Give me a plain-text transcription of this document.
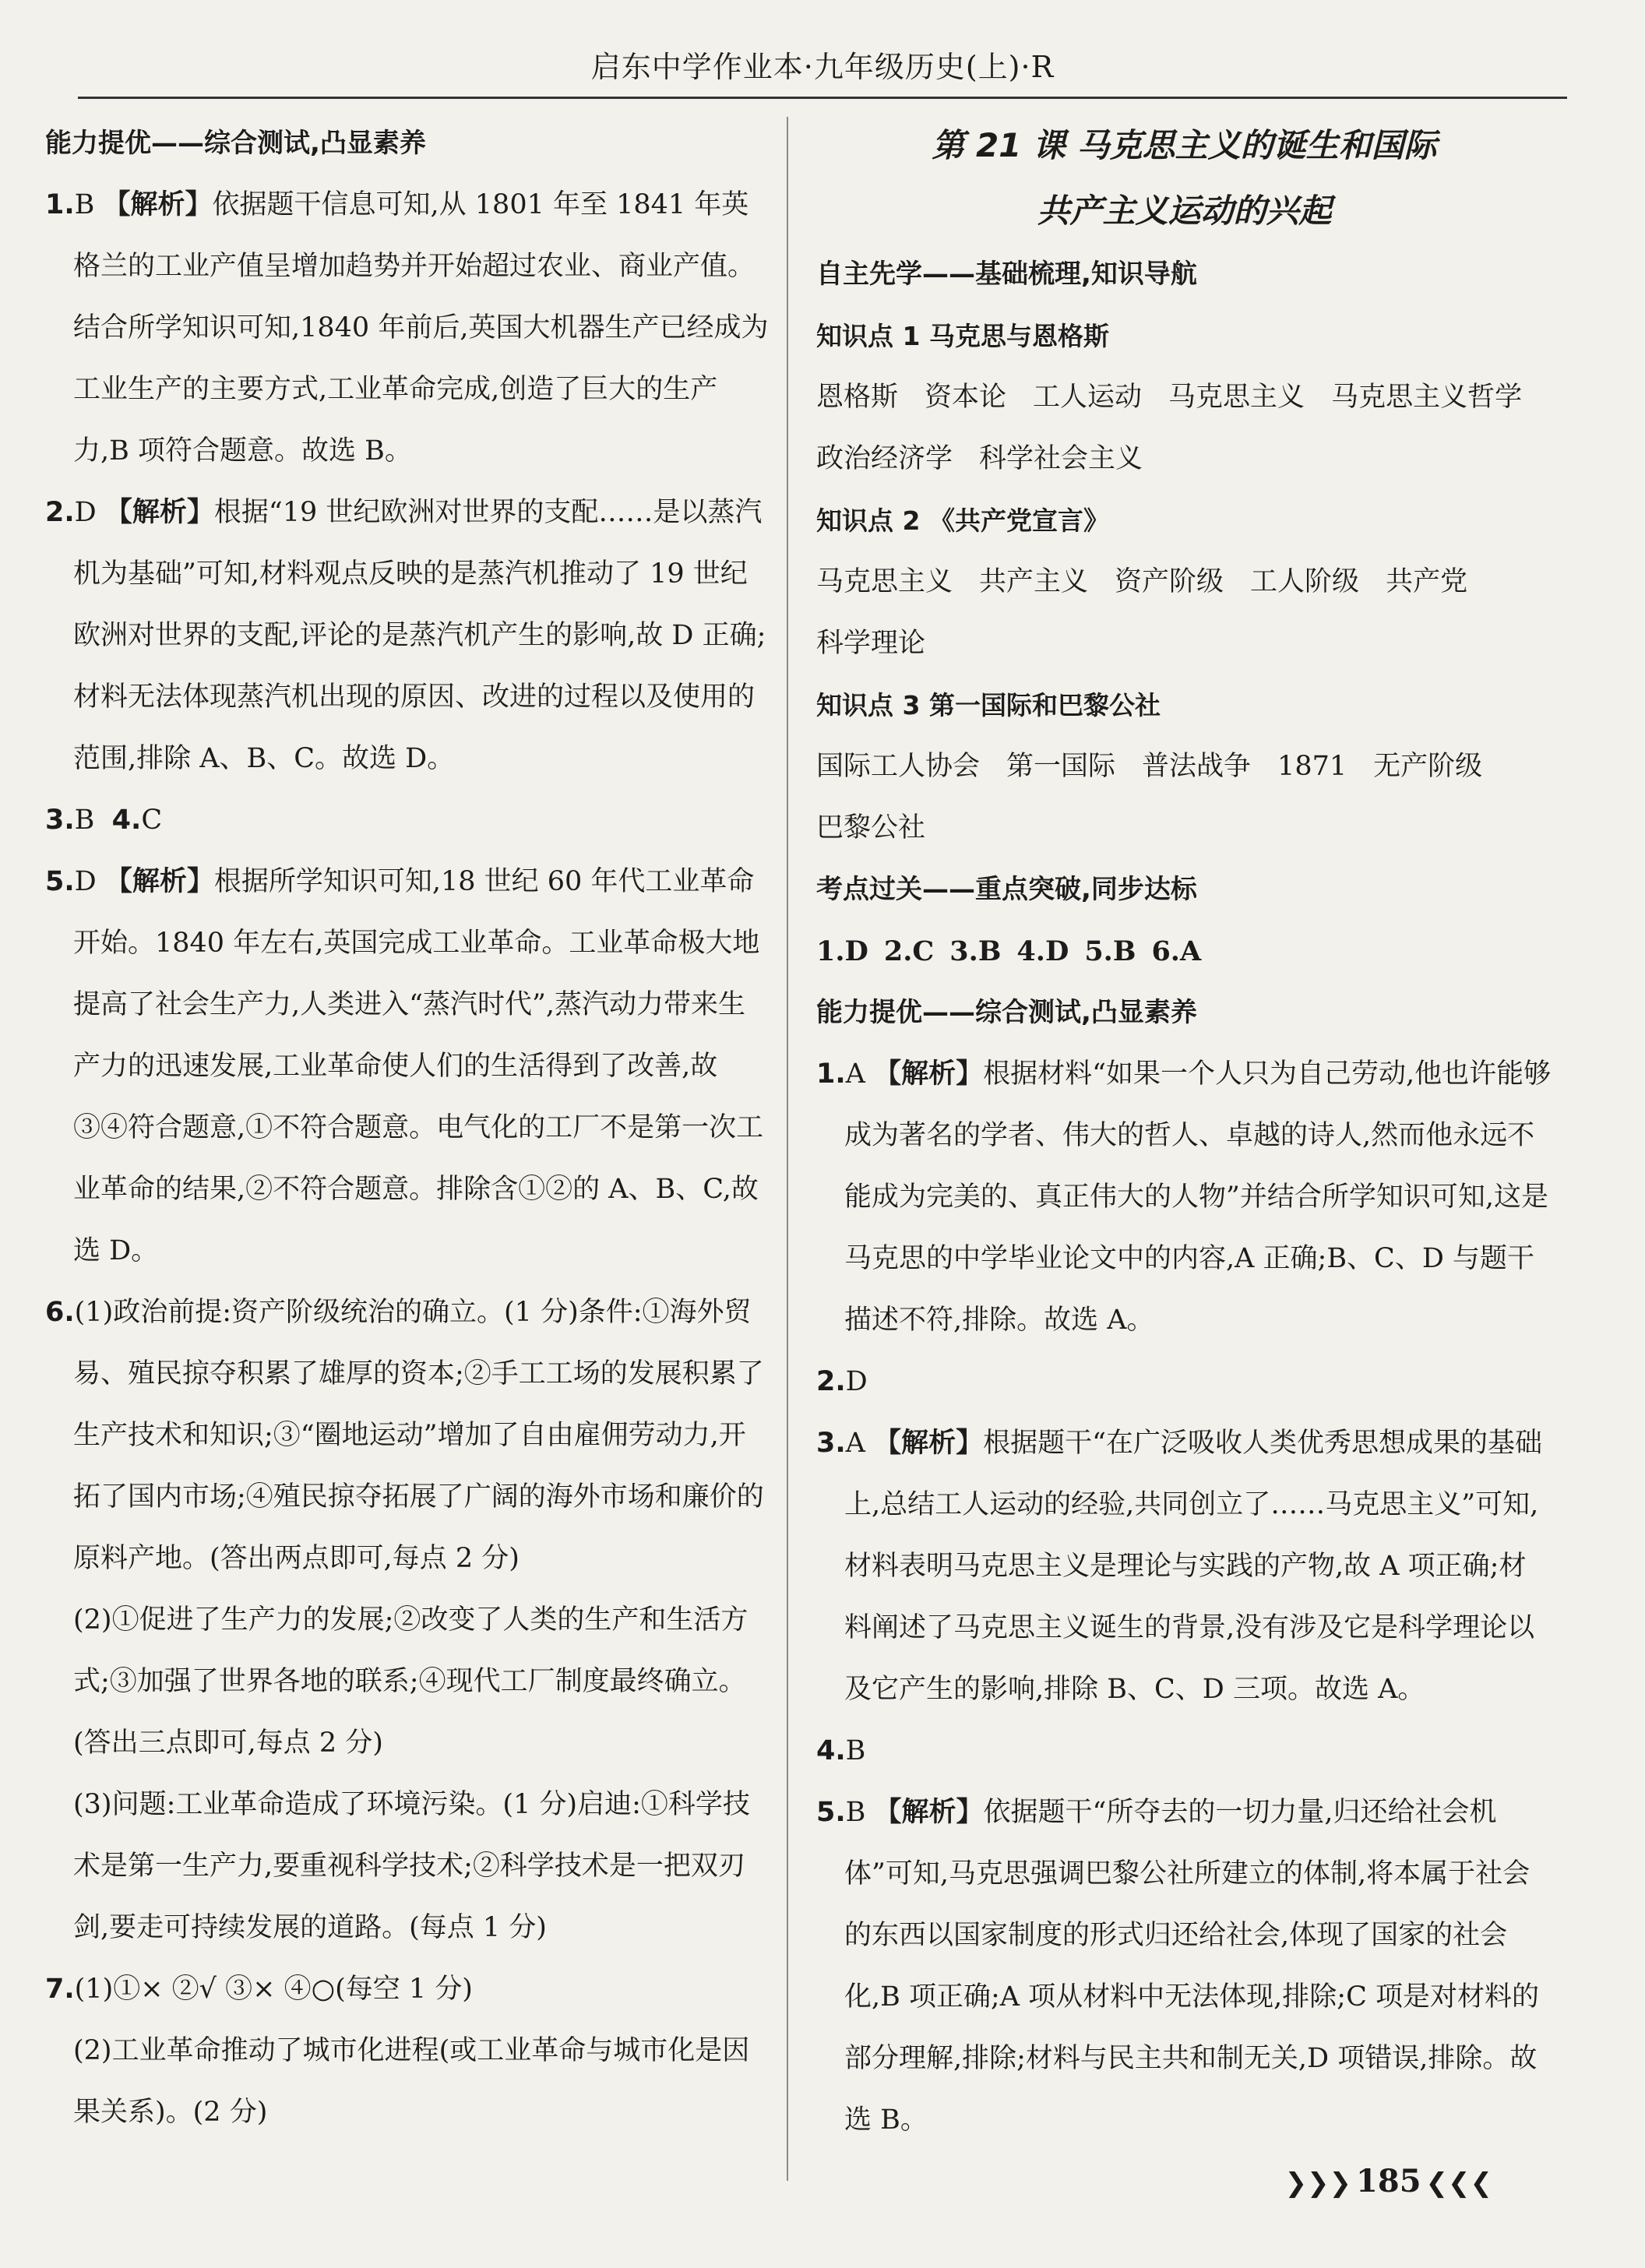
启东中学作业本·九年级历史(上)·R
能力提优——综合测试,凸显素养

1.B 【解析】依据题干信息可知,从 1801 年至 1841 年英格兰的工业产值呈增加趋势并开始超过农业、商业产值。结合所学知识可知,1840 年前后,英国大机器生产已经成为工业生产的主要方式,工业革命完成,创造了巨大的生产力,B 项符合题意。故选 B。

2.D 【解析】根据“19 世纪欧洲对世界的支配……是以蒸汽机为基础”可知,材料观点反映的是蒸汽机推动了 19 世纪欧洲对世界的支配,评论的是蒸汽机产生的影响,故 D 正确;材料无法体现蒸汽机出现的原因、改进的过程以及使用的范围,排除 A、B、C。故选 D。

3.B  4.C

5.D 【解析】根据所学知识可知,18 世纪 60 年代工业革命开始。1840 年左右,英国完成工业革命。工业革命极大地提高了社会生产力,人类进入“蒸汽时代”,蒸汽动力带来生产力的迅速发展,工业革命使人们的生活得到了改善,故③④符合题意,①不符合题意。电气化的工厂不是第一次工业革命的结果,②不符合题意。排除含①②的 A、B、C,故选 D。

6.(1)政治前提:资产阶级统治的确立。(1 分)条件:①海外贸易、殖民掠夺积累了雄厚的资本;②手工工场的发展积累了生产技术和知识;③“圈地运动”增加了自由雇佣劳动力,开拓了国内市场;④殖民掠夺拓展了广阔的海外市场和廉价的原料产地。(答出两点即可,每点 2 分)

(2)①促进了生产力的发展;②改变了人类的生产和生活方式;③加强了世界各地的联系;④现代工厂制度最终确立。(答出三点即可,每点 2 分)

(3)问题:工业革命造成了环境污染。(1 分)启迪:①科学技术是第一生产力,要重视科学技术;②科学技术是一把双刃剑,要走可持续发展的道路。(每点 1 分)

7.(1)①× ②√ ③× ④○(每空 1 分)

(2)工业革命推动了城市化进程(或工业革命与城市化是因果关系)。(2 分)

第 21 课 马克思主义的诞生和国际
共产主义运动的兴起
自主先学——基础梳理,知识导航
知识点 1 马克思与恩格斯

恩格斯 资本论 工人运动 马克思主义 马克思主义哲学
政治经济学 科学社会主义

知识点 2 《共产党宣言》

马克思主义 共产主义 资产阶级 工人阶级 共产党
科学理论

知识点 3 第一国际和巴黎公社

国际工人协会 第一国际 普法战争 1871 无产阶级
巴黎公社

考点过关——重点突破,同步达标

1.D 2.C 3.B 4.D 5.B 6.A

能力提优——综合测试,凸显素养

1.A 【解析】根据材料“如果一个人只为自己劳动,他也许能够成为著名的学者、伟大的哲人、卓越的诗人,然而他永远不能成为完美的、真正伟大的人物”并结合所学知识可知,这是马克思的中学毕业论文中的内容,A 正确;B、C、D 与题干描述不符,排除。故选 A。

2.D

3.A 【解析】根据题干“在广泛吸收人类优秀思想成果的基础上,总结工人运动的经验,共同创立了……马克思主义”可知,材料表明马克思主义是理论与实践的产物,故 A 项正确;材料阐述了马克思主义诞生的背景,没有涉及它是科学理论以及它产生的影响,排除 B、C、D 三项。故选 A。

4.B

5.B 【解析】依据题干“所夺去的一切力量,归还给社会机体”可知,马克思强调巴黎公社所建立的体制,将本属于社会的东西以国家制度的形式归还给社会,体现了国家的社会化,B 项正确;A 项从材料中无法体现,排除;C 项是对材料的部分理解,排除;材料与民主共和制无关,D 项错误,排除。故选 B。

❯❯❯ 185 ❮❮❮
